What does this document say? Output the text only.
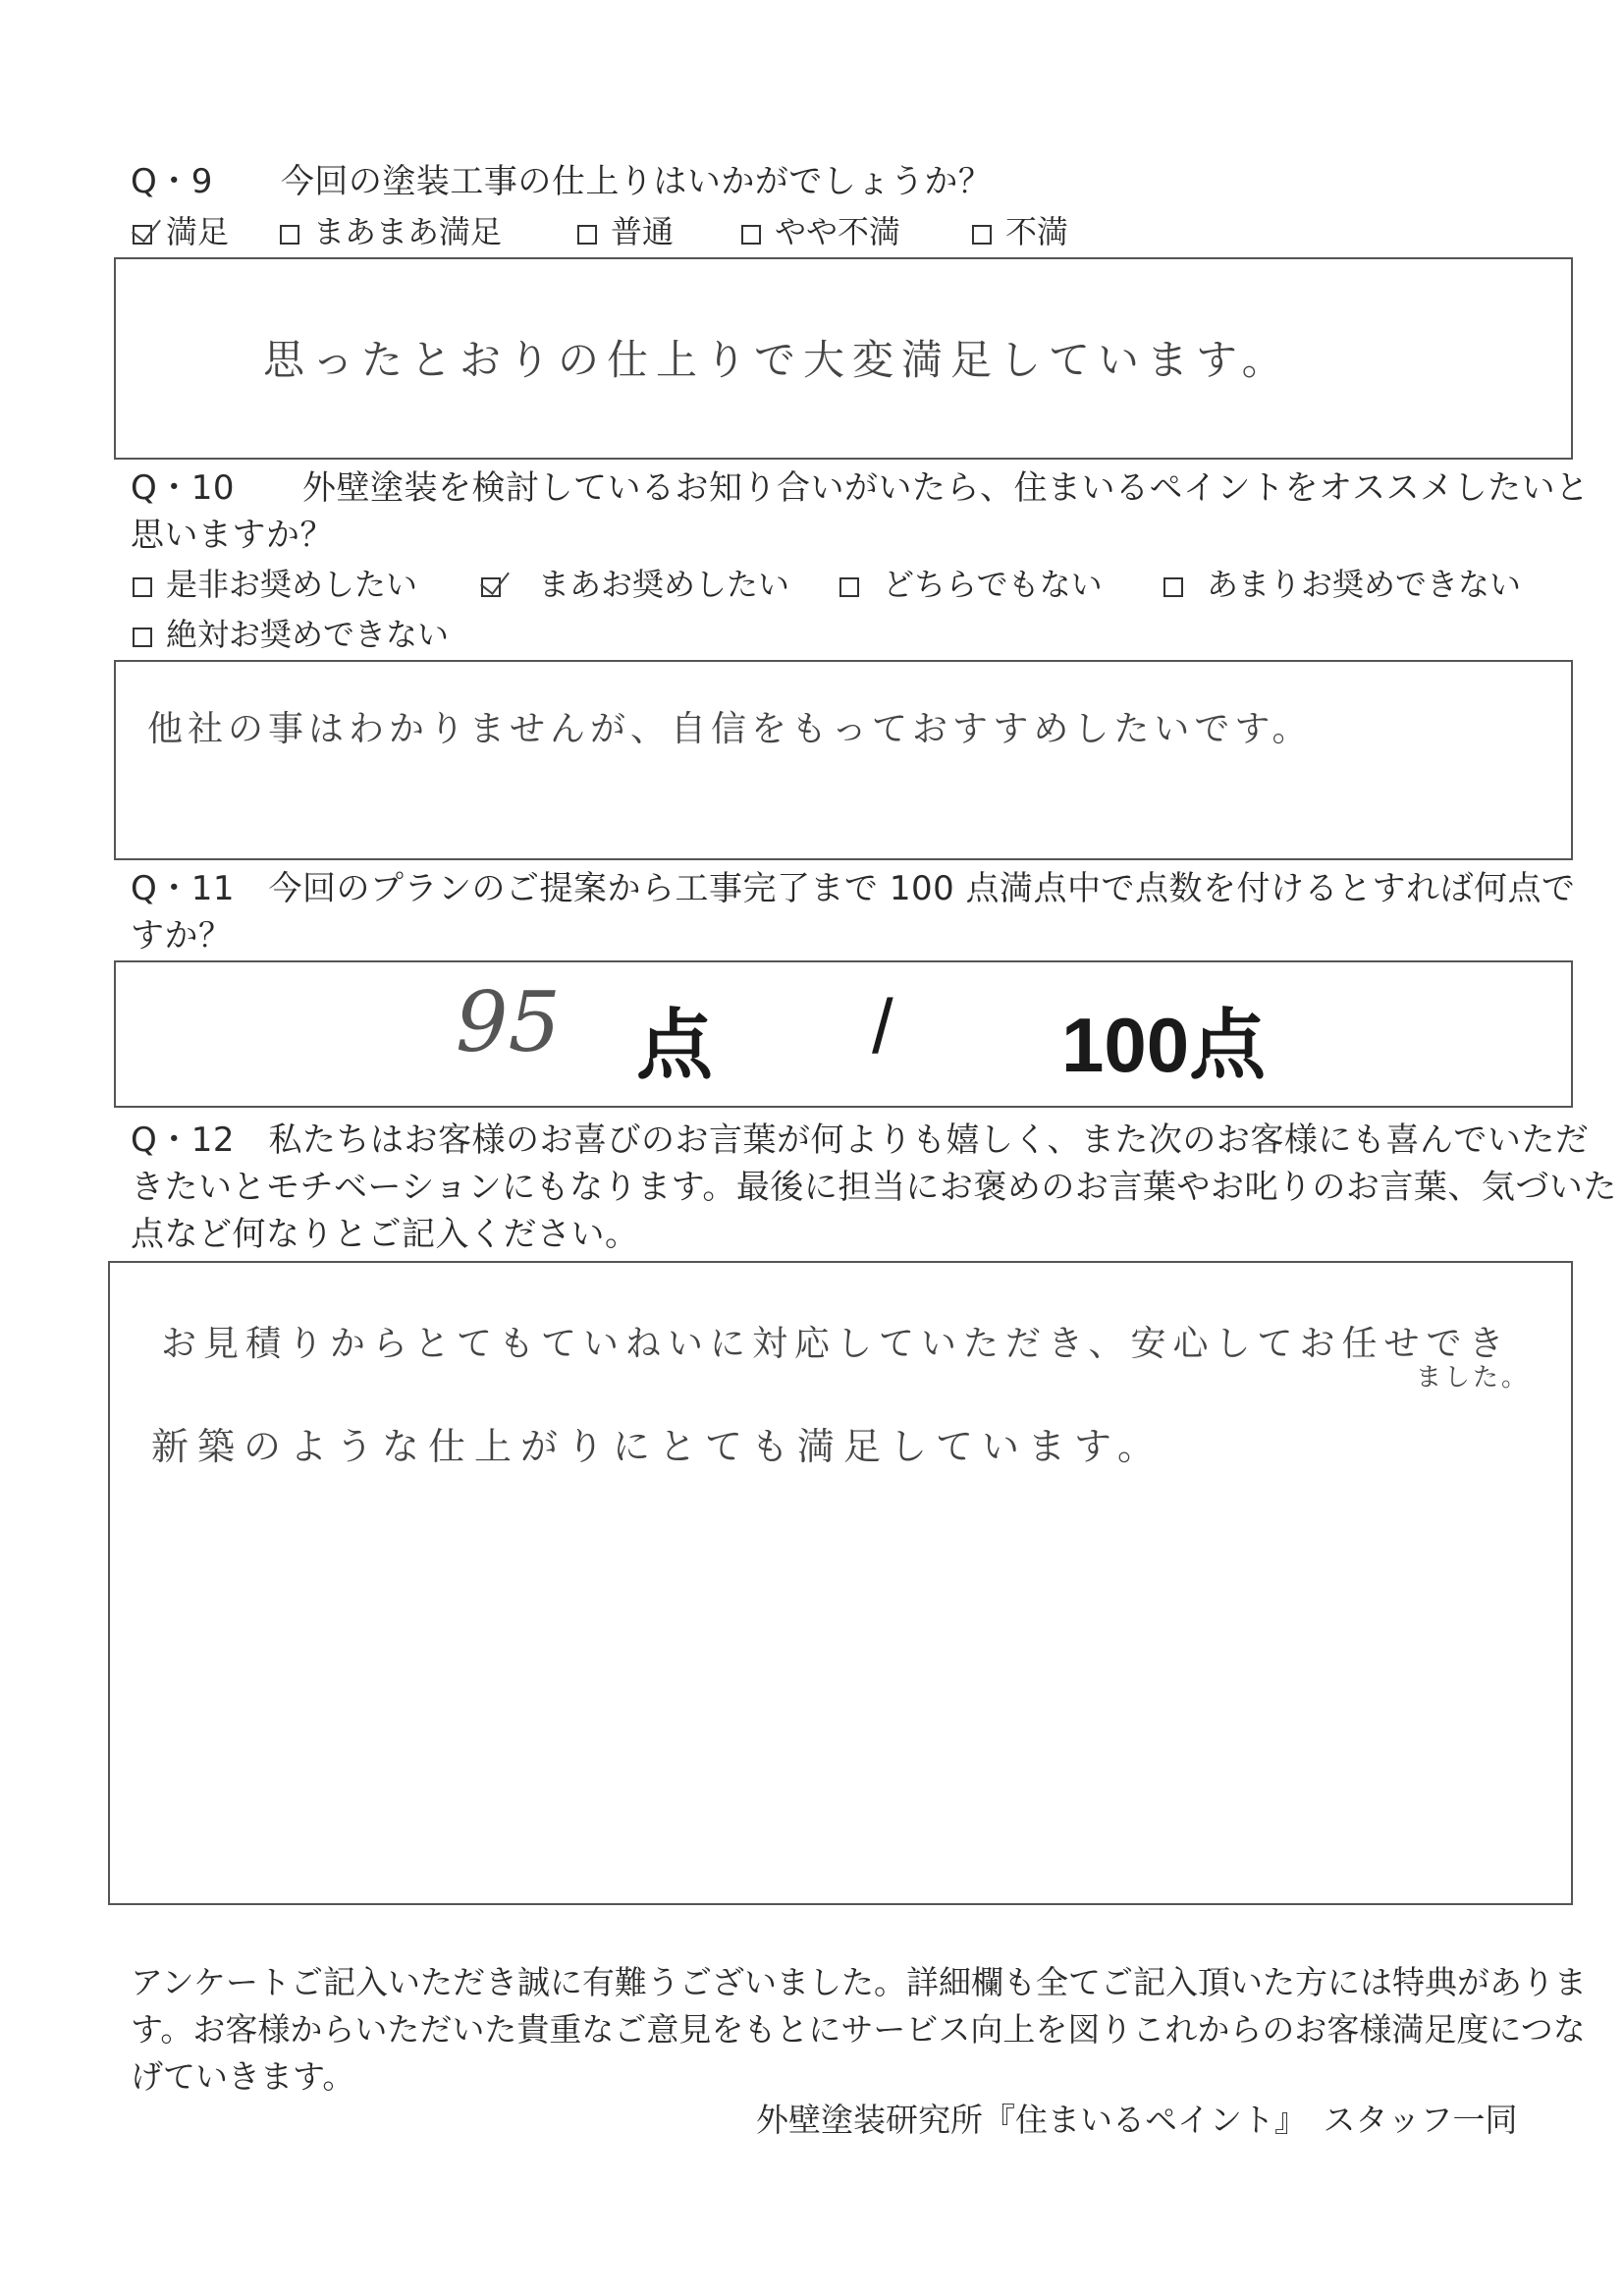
Q・9　　今回の塗装工事の仕上りはいかがでしょうか？
満足	まあまあ満足	普通	やや不満	不満
思ったとおりの仕上りで大変満足しています。
Q・10　　外壁塗装を検討しているお知り合いがいたら、住まいるペイントをオススメしたいと
思いますか？
是非お奨めしたい	まあお奨めしたい	どちらでもない	あまりお奨めできない
絶対お奨めできない
他社の事はわかりませんが、自信をもっておすすめしたいです。
Q・11　今回のプランのご提案から工事完了まで 100 点満点中で点数を付けるとすれば何点で
すか？
95 点 / 100点
Q・12　私たちはお客様のお喜びのお言葉が何よりも嬉しく、また次のお客様にも喜んでいただ
きたいとモチベーションにもなります。最後に担当にお褒めのお言葉やお叱りのお言葉、気づいた
点など何なりとご記入ください。
お見積りからとてもていねいに対応していただき、安心してお任せでき
ました。
新築のような仕上がりにとても満足しています。
アンケートご記入いただき誠に有難うございました。詳細欄も全てご記入頂いた方には特典がありま
す。お客様からいただいた貴重なご意見をもとにサービス向上を図りこれからのお客様満足度につな
げていきます。
外壁塗装研究所『住まいるペイント』　スタッフ一同
